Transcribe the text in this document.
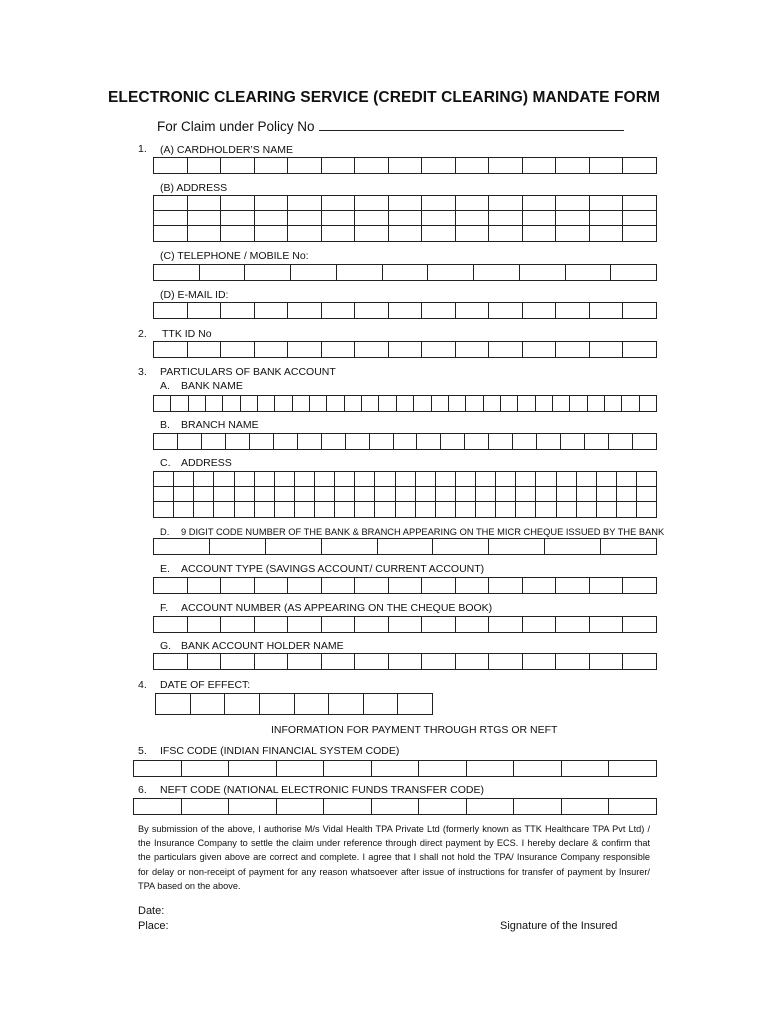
ELECTRONIC CLEARING SERVICE (CREDIT CLEARING) MANDATE FORM
For Claim under Policy No
1. (A) CARDHOLDER’S NAME
(B) ADDRESS
(C) TELEPHONE / MOBILE No:
(D) E-MAIL ID:
2. TTK ID No
3. PARTICULARS OF BANK ACCOUNT
A. BANK NAME
B. BRANCH NAME
C. ADDRESS
D. 9 DIGIT CODE NUMBER OF THE BANK & BRANCH APPEARING ON THE MICR CHEQUE ISSUED BY THE BANK
E. ACCOUNT TYPE (SAVINGS ACCOUNT/ CURRENT ACCOUNT)
F. ACCOUNT NUMBER (AS APPEARING ON THE CHEQUE BOOK)
G. BANK ACCOUNT HOLDER NAME
4. DATE OF EFFECT:
INFORMATION FOR PAYMENT THROUGH RTGS OR NEFT
5. IFSC CODE (INDIAN FINANCIAL SYSTEM CODE)
6. NEFT CODE (NATIONAL ELECTRONIC FUNDS TRANSFER CODE)
By submission of the above, I authorise M/s Vidal Health TPA Private Ltd (formerly known as TTK Healthcare TPA Pvt Ltd) / the Insurance Company to settle the claim under reference through direct payment by ECS. I hereby declare & confirm that the particulars given above are correct and complete. I agree that I shall not hold the TPA/ Insurance Company responsible for delay or non-receipt of payment for any reason whatsoever after issue of instructions for transfer of payment by Insurer/ TPA based on the above.
Date:
Place:	Signature of the Insured
